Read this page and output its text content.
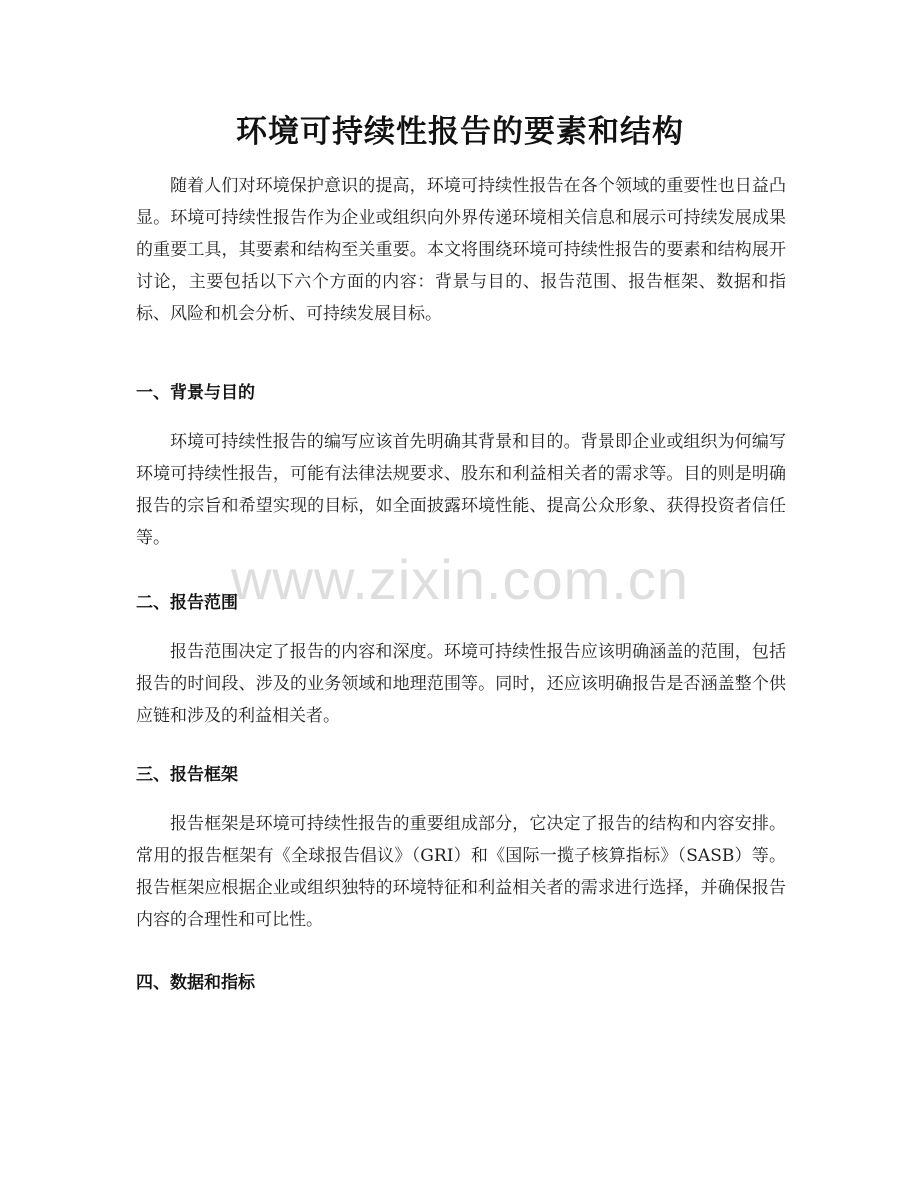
环境可持续性报告的要素和结构

随着人们对环境保护意识的提高，环境可持续性报告在各个领域的重要性也日益凸显。环境可持续性报告作为企业或组织向外界传递环境相关信息和展示可持续发展成果的重要工具，其要素和结构至关重要。本文将围绕环境可持续性报告的要素和结构展开讨论，主要包括以下六个方面的内容：背景与目的、报告范围、报告框架、数据和指标、风险和机会分析、可持续发展目标。

一、背景与目的

环境可持续性报告的编写应该首先明确其背景和目的。背景即企业或组织为何编写环境可持续性报告，可能有法律法规要求、股东和利益相关者的需求等。目的则是明确报告的宗旨和希望实现的目标，如全面披露环境性能、提高公众形象、获得投资者信任等。

二、报告范围

报告范围决定了报告的内容和深度。环境可持续性报告应该明确涵盖的范围，包括报告的时间段、涉及的业务领域和地理范围等。同时，还应该明确报告是否涵盖整个供应链和涉及的利益相关者。

三、报告框架

报告框架是环境可持续性报告的重要组成部分，它决定了报告的结构和内容安排。常用的报告框架有《全球报告倡议》（GRI）和《国际一揽子核算指标》（SASB）等。报告框架应根据企业或组织独特的环境特征和利益相关者的需求进行选择，并确保报告内容的合理性和可比性。

四、数据和指标
www.zixin.com.cn
